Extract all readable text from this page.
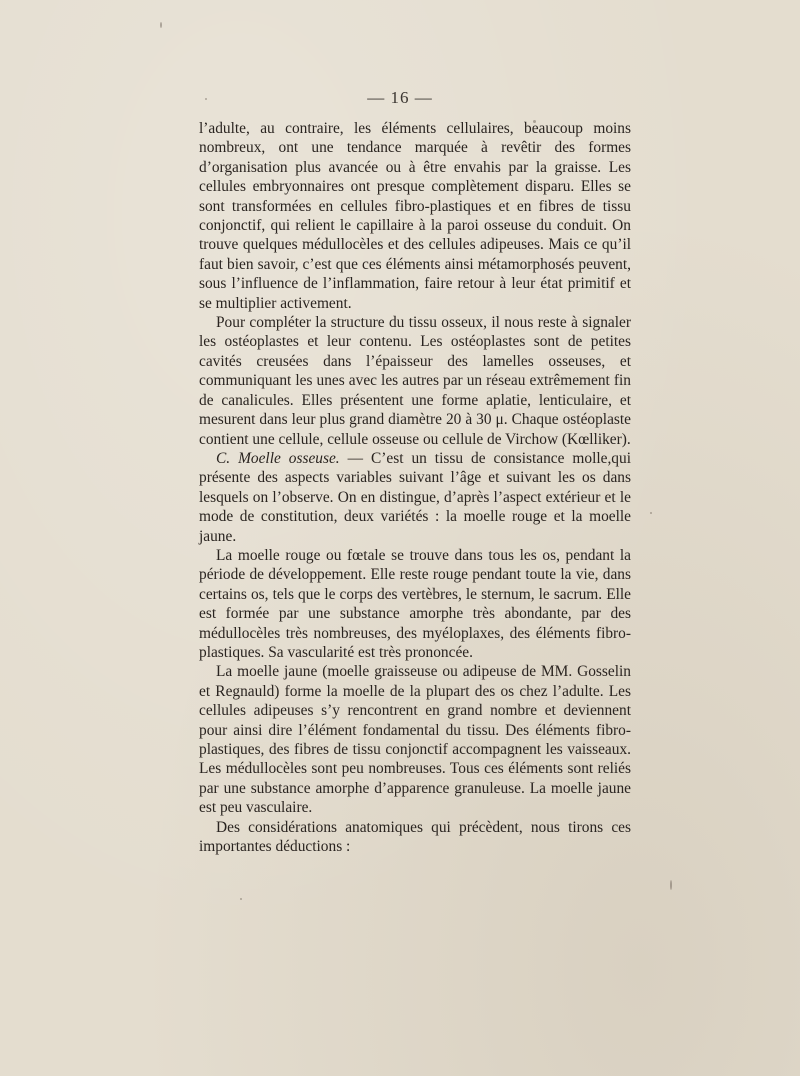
— 16 —

l’adulte, au contraire, les éléments cellulaires, beaucoup moins nombreux, ont une tendance marquée à revêtir des formes d’organisation plus avancée ou à être envahis par la graisse. Les cellules embryonnaires ont presque complètement disparu. Elles se sont transformées en cellules fibro-plastiques et en fibres de tissu conjonctif, qui relient le capillaire à la paroi osseuse du conduit. On trouve quelques médullocèles et des cellules adipeuses. Mais ce qu’il faut bien savoir, c’est que ces éléments ainsi métamorphosés peuvent, sous l’influence de l’inflammation, faire retour à leur état primitif et se multiplier activement.

Pour compléter la structure du tissu osseux, il nous reste à signaler les ostéoplastes et leur contenu. Les ostéoplastes sont de petites cavités creusées dans l’épaisseur des lamelles osseuses, et communiquant les unes avec les autres par un réseau extrêmement fin de canalicules. Elles présentent une forme aplatie, lenticulaire, et mesurent dans leur plus grand diamètre 20 à 30 μ. Chaque ostéoplaste contient une cellule, cellule osseuse ou cellule de Virchow (Kœlliker).

C. Moelle osseuse. — C’est un tissu de consistance molle,qui présente des aspects variables suivant l’âge et suivant les os dans lesquels on l’observe. On en distingue, d’après l’aspect extérieur et le mode de constitution, deux variétés : la moelle rouge et la moelle jaune.

La moelle rouge ou fœtale se trouve dans tous les os, pendant la période de développement. Elle reste rouge pendant toute la vie, dans certains os, tels que le corps des vertèbres, le sternum, le sacrum. Elle est formée par une substance amorphe très abondante, par des médullocèles très nombreuses, des myéloplaxes, des éléments fibro-plastiques. Sa vascularité est très prononcée.

La moelle jaune (moelle graisseuse ou adipeuse de MM. Gosselin et Regnauld) forme la moelle de la plupart des os chez l’adulte. Les cellules adipeuses s’y rencontrent en grand nombre et deviennent pour ainsi dire l’élément fondamental du tissu. Des éléments fibro-plastiques, des fibres de tissu conjonctif accompagnent les vaisseaux. Les médullocèles sont peu nombreuses. Tous ces éléments sont reliés par une substance amorphe d’apparence granuleuse. La moelle jaune est peu vasculaire.

Des considérations anatomiques qui précèdent, nous tirons ces importantes déductions :
